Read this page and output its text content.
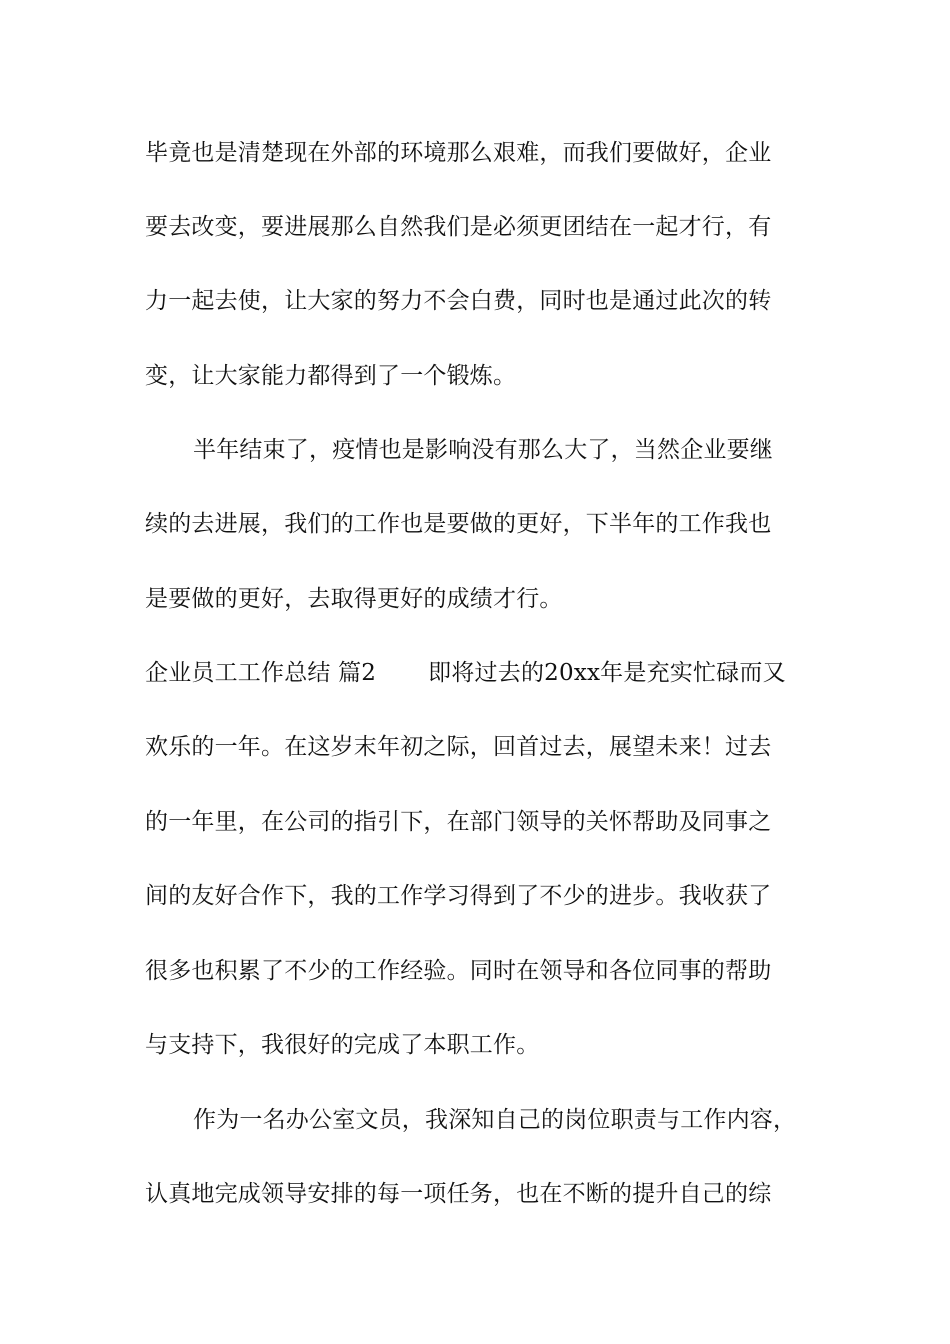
毕竟也是清楚现在外部的环境那么艰难，而我们要做好，企业
要去改变，要进展那么自然我们是必须更团结在一起才行，有
力一起去使，让大家的努力不会白费，同时也是通过此次的转
变，让大家能力都得到了一个锻炼。
半年结束了，疫情也是影响没有那么大了，当然企业要继
续的去进展，我们的工作也是要做的更好，下半年的工作我也
是要做的更好，去取得更好的成绩才行。
企业员工工作总结 篇2 即将过去的20xx年是充实忙碌而又
欢乐的一年。在这岁末年初之际，回首过去，展望未来！过去
的一年里，在公司的指引下，在部门领导的关怀帮助及同事之
间的友好合作下，我的工作学习得到了不少的进步。我收获了
很多也积累了不少的工作经验。同时在领导和各位同事的帮助
与支持下，我很好的完成了本职工作。
作为一名办公室文员，我深知自己的岗位职责与工作内容，
认真地完成领导安排的每一项任务，也在不断的提升自己的综
